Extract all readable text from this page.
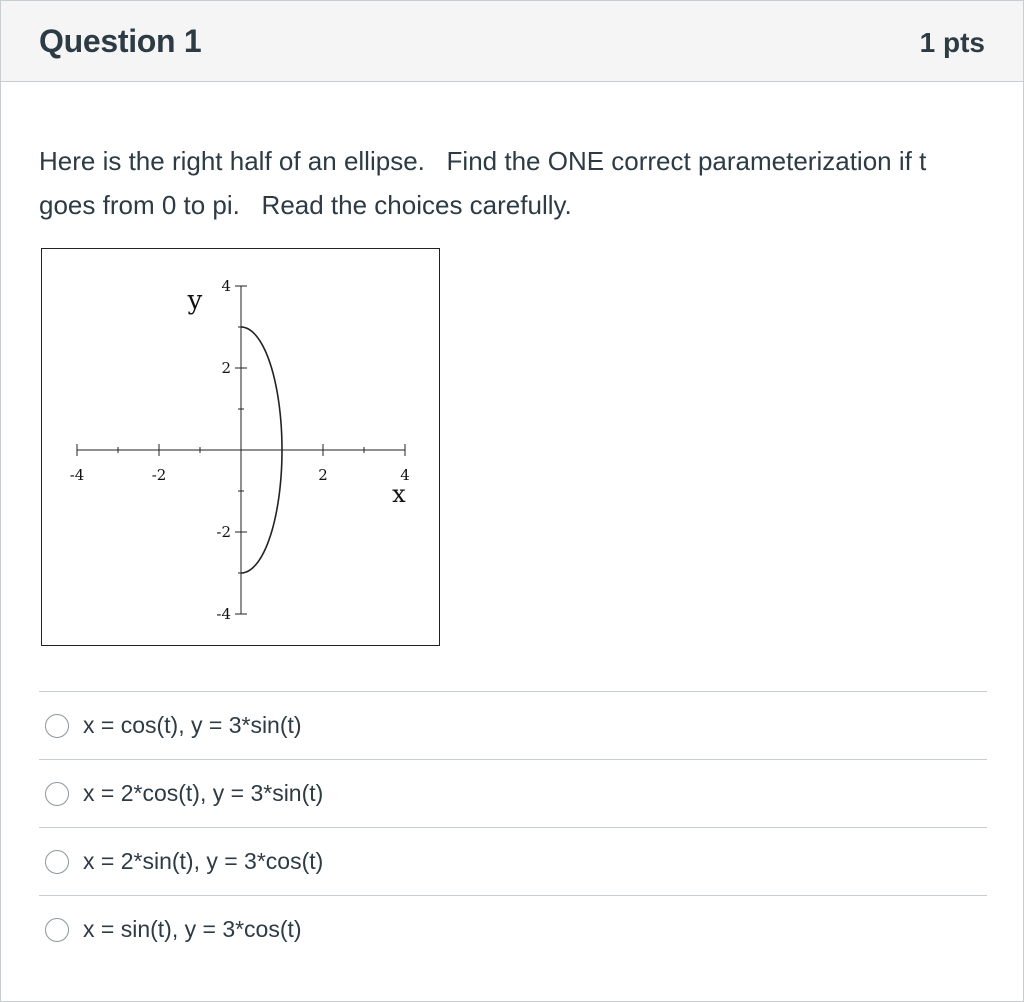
Question 1	1 pts
Here is the right half of an ellipse.   Find the ONE correct parameterization if t goes from 0 to pi.   Read the choices carefully.
-4	-2	2	4
4
2
-2
-4
x
y
x = cos(t), y = 3*sin(t)
x = 2*cos(t), y = 3*sin(t)
x = 2*sin(t), y = 3*cos(t)
x = sin(t), y = 3*cos(t)
